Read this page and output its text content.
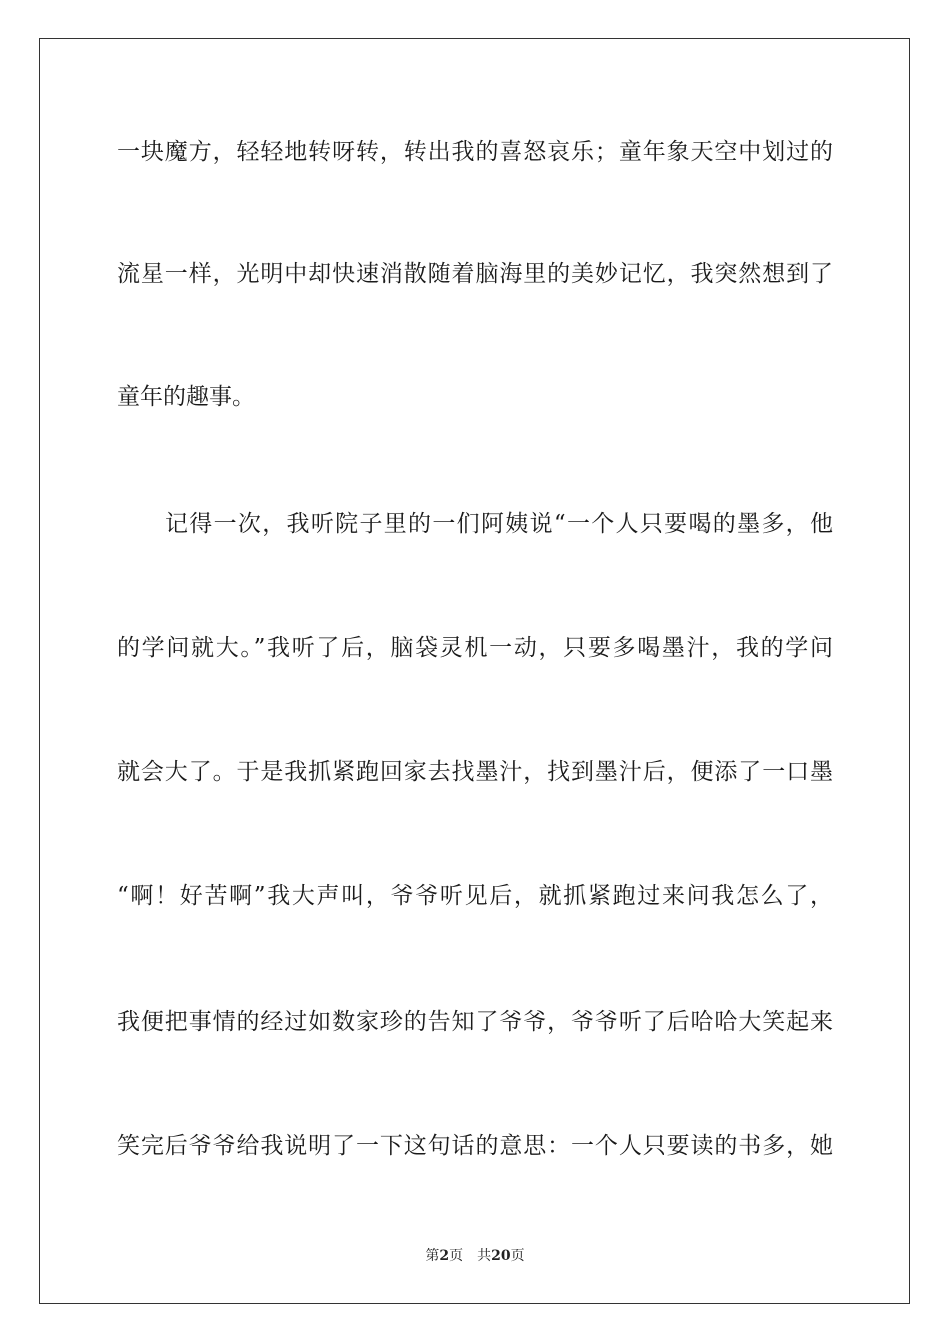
一块魔方，轻轻地转呀转，转出我的喜怒哀乐；童年象天空中划过的
流星一样，光明中却快速消散随着脑海里的美妙记忆，我突然想到了
童年的趣事。
记得一次，我听院子里的一们阿姨说“一个人只要喝的墨多，他
的学问就大。”我听了后，脑袋灵机一动，只要多喝墨汁，我的学问
就会大了。于是我抓紧跑回家去找墨汁，找到墨汁后，便添了一口墨
“啊！好苦啊”我大声叫，爷爷听见后，就抓紧跑过来问我怎么了，
我便把事情的经过如数家珍的告知了爷爷，爷爷听了后哈哈大笑起来
笑完后爷爷给我说明了一下这句话的意思：一个人只要读的书多，她
第2页 共20页
